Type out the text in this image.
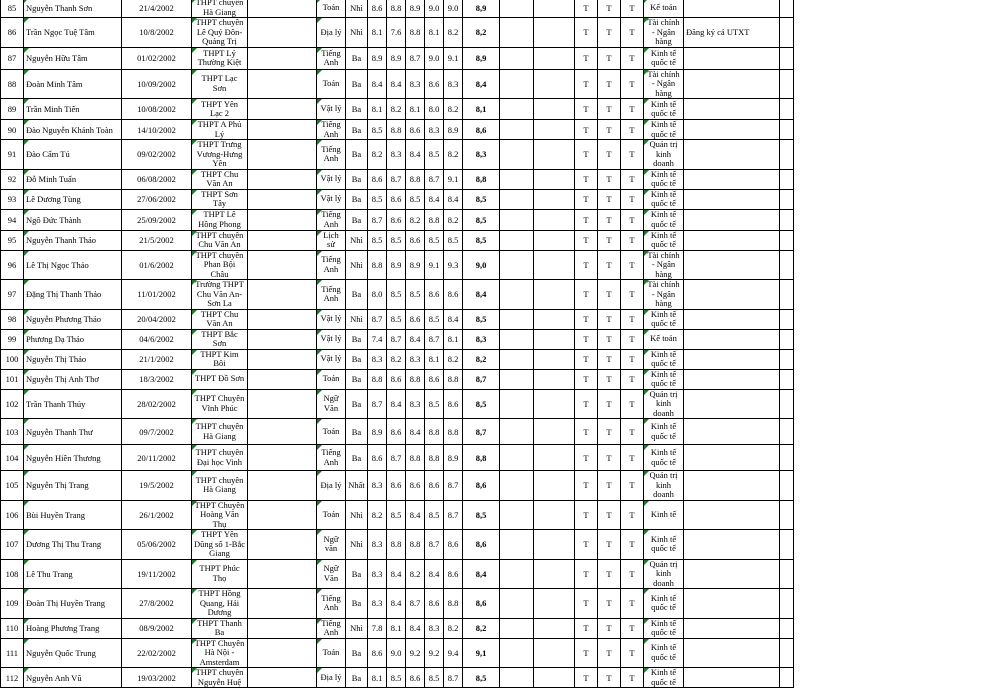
85	Nguyễn Thanh Sơn	21/4/2002	THPT chuyên Hà Giang		Toán	Nhì	8.6	8.8	8.9	9.0	9.0	8,9			T	T	T	Kế toán		
86	Trần Ngọc Tuệ Tâm	10/8/2002	THPT chuyên Lê Quý Đôn-Quảng Trị		Địa lý	Nhì	8.1	7.6	8.8	8.1	8.2	8,2			T	T	T	Tài chính - Ngân hàng	Đăng ký cả UTXT	
87	Nguyễn Hữu Tâm	01/02/2002	THPT Lý Thường Kiệt		Tiếng Anh	Ba	8.9	8.9	8.7	9.0	9.1	8,9			T	T	T	Kinh tế quốc tế		
88	Đoàn Minh Tâm	10/09/2002	THPT Lạc Sơn		Toán	Ba	8.4	8.4	8.3	8.6	8.3	8,4			T	T	T	Tài chính - Ngân hàng		
89	Trần Minh Tiến	10/08/2002	THPT Yên Lạc 2		Vật lý	Ba	8.1	8.2	8.1	8.0	8.2	8,1			T	T	T	Kinh tế quốc tế		
90	Đào Nguyễn Khánh Toàn	14/10/2002	THPT A Phủ Lý		Tiếng Anh	Ba	8.5	8.8	8.6	8.3	8.9	8,6			T	T	T	Kinh tế quốc tế		
91	Đào Cẩm Tú	09/02/2002	THPT Trưng Vương-Hưng Yên		Tiếng Anh	Ba	8.2	8.3	8.4	8.5	8.2	8,3			T	T	T	Quản trị kinh doanh		
92	Đỗ Minh Tuấn	06/08/2002	THPT Chu Văn An		Vật lý	Ba	8.6	8.7	8.8	8.7	9.1	8,8			T	T	T	Kinh tế quốc tế		
93	Lê Dương Tùng	27/06/2002	THPT Sơn Tây		Vật lý	Ba	8.5	8.6	8.5	8.4	8.4	8,5			T	T	T	Kinh tế quốc tế		
94	Ngô Đức Thành	25/09/2002	THPT Lê Hồng Phong		Tiếng Anh	Ba	8.7	8.6	8.2	8.8	8.2	8,5			T	T	T	Kinh tế quốc tế		
95	Nguyễn Thanh Thảo	21/5/2002	THPT chuyên Chu Văn An		Lịch sử	Nhì	8.5	8.5	8.6	8.5	8.5	8,5			T	T	T	Kinh tế quốc tế		
96	Lê Thị Ngọc Thảo	01/6/2002	THPT chuyên Phan Bội Châu		Tiếng Anh	Nhì	8.8	8.9	8.9	9.1	9.3	9,0			T	T	T	Tài chính - Ngân hàng		
97	Đặng Thị Thanh Thảo	11/01/2002	Trường THPT Chu Văn An-Sơn La		Tiếng Anh	Ba	8.0	8.5	8.5	8.6	8.6	8,4			T	T	T	Tài chính - Ngân hàng		
98	Nguyễn Phương Thảo	20/04/2002	THPT Chu Văn An		Vật lý	Nhì	8.7	8.5	8.6	8.5	8.4	8,5			T	T	T	Kinh tế quốc tế		
99	Phương Dạ Thảo	04/6/2002	THPT Bắc Sơn		Vật lý	Ba	7.4	8.7	8.4	8.7	8.1	8,3			T	T	T	Kế toán		
100	Nguyễn Thị Thảo	21/1/2002	THPT Kim Bôi		Vật lý	Ba	8.3	8.2	8.3	8.1	8.2	8,2			T	T	T	Kinh tế quốc tế		
101	Nguyễn Thị Anh Thơ	18/3/2002	THPT Đồ Sơn		Toán	Ba	8.8	8.6	8.8	8.6	8.8	8,7			T	T	T	Kinh tế quốc tế		
102	Trần Thanh Thủy	28/02/2002	THPT Chuyên Vĩnh Phúc		Ngữ Văn	Ba	8.7	8.4	8.3	8.5	8.6	8,5			T	T	T	Quản trị kinh doanh		
103	Nguyễn Thanh Thư	09/7/2002	THPT chuyên Hà Giang		Toán	Ba	8.9	8.6	8.4	8.8	8.8	8,7			T	T	T	Kinh tế quốc tế		
104	Nguyễn Hiền Thương	20/11/2002	THPT chuyên Đại học Vinh		Tiếng Anh	Ba	8.6	8.7	8.8	8.8	8.9	8,8			T	T	T	Kinh tế quốc tế		
105	Nguyễn Thị Trang	19/5/2002	THPT chuyên Hà Giang		Địa lý	Nhất	8.3	8.6	8.6	8.6	8.7	8,6			T	T	T	Quản trị kinh doanh		
106	Bùi Huyền Trang	26/1/2002	THPT Chuyên Hoàng Văn Thụ		Toán	Nhì	8.2	8.5	8.4	8.5	8.7	8,5			T	T	T	Kinh tế		
107	Dương Thị Thu Trang	05/06/2002	THPT Yên Dũng số 1-Bắc Giang		Ngữ văn	Nhì	8.3	8.8	8.8	8.7	8.6	8,6			T	T	T	Kinh tế quốc tế		
108	Lê Thu Trang	19/11/2002	THPT Phúc Thọ		Ngữ Văn	Ba	8.3	8.4	8.2	8.4	8.6	8,4			T	T	T	Quản trị kinh doanh		
109	Đoàn Thị Huyền Trang	27/8/2002	THPT Hồng Quang, Hải Dương		Tiếng Anh	Ba	8.3	8.4	8.7	8.6	8.8	8,6			T	T	T	Kinh tế quốc tế		
110	Hoàng Phương Trang	08/9/2002	THPT Thanh Ba		Tiếng Anh	Nhì	7.8	8.1	8.4	8.3	8.2	8,2			T	T	T	Kinh tế quốc tế		
111	Nguyễn Quốc Trung	22/02/2002	THPT Chuyên Hà Nội - Amsterdam		Toán	Ba	8.6	9.0	9.2	9.2	9.4	9,1			T	T	T	Kinh tế quốc tế		
112	Nguyễn Anh Vũ	19/03/2002	THPT chuyên Nguyễn Huệ		Địa lý	Ba	8.1	8.5	8.6	8.5	8.7	8,5			T	T	T	Kinh tế quốc tế		
